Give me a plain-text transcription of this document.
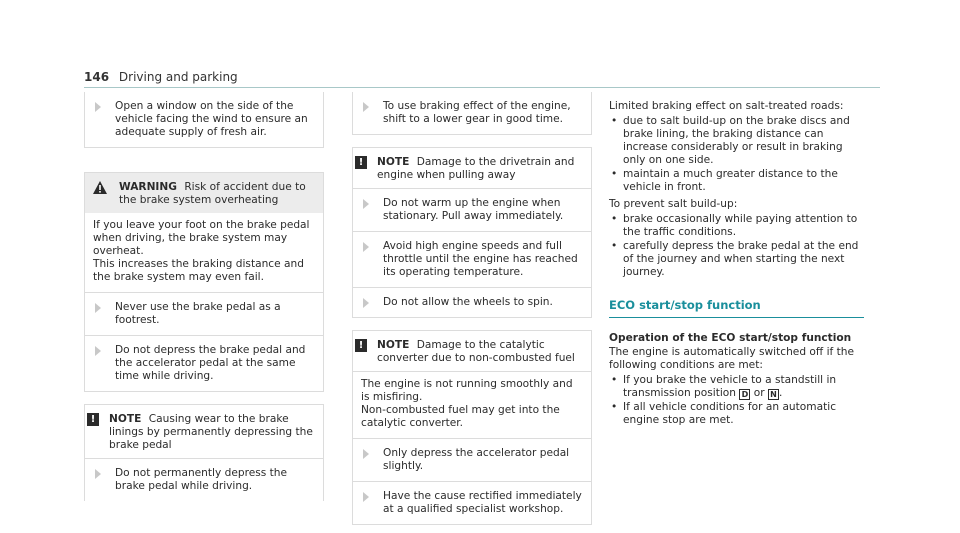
146 Driving and parking
Open a window on the side of the vehicle facing the wind to ensure an adequate supply of fresh air.
WARNING Risk of accident due to the brake system overheating

If you leave your foot on the brake pedal when driving, the brake system may overheat.

This increases the braking distance and the brake system may even fail.

Never use the brake pedal as a footrest.
Do not depress the brake pedal and the accelerator pedal at the same time while driving.
!	NOTE Causing wear to the brake linings by permanently depressing the brake pedal
Do not permanently depress the brake pedal while driving.
To use braking effect of the engine, shift to a lower gear in good time.
!	NOTE Damage to the drivetrain and engine when pulling away
Do not warm up the engine when stationary. Pull away immediately.
Avoid high engine speeds and full throttle until the engine has reached its operating temperature.
Do not allow the wheels to spin.
!	NOTE Damage to the catalytic converter due to non-combusted fuel

The engine is not running smoothly and is misfiring.

Non-combusted fuel may get into the catalytic converter.

Only depress the accelerator pedal slightly.
Have the cause rectified immediately at a qualified specialist workshop.

Limited braking effect on salt-treated roads:

• due to salt build-up on the brake discs and brake lining, the braking distance can increase considerably or result in braking only on one side.
• maintain a much greater distance to the vehicle in front.

To prevent salt build-up:

• brake occasionally while paying attention to the traffic conditions.
• carefully depress the brake pedal at the end of the journey and when starting the next journey.
ECO start/stop function
Operation of the ECO start/stop function

The engine is automatically switched off if the following conditions are met:

• If you brake the vehicle to a standstill in transmission position D or N .
• If all vehicle conditions for an automatic engine stop are met.
